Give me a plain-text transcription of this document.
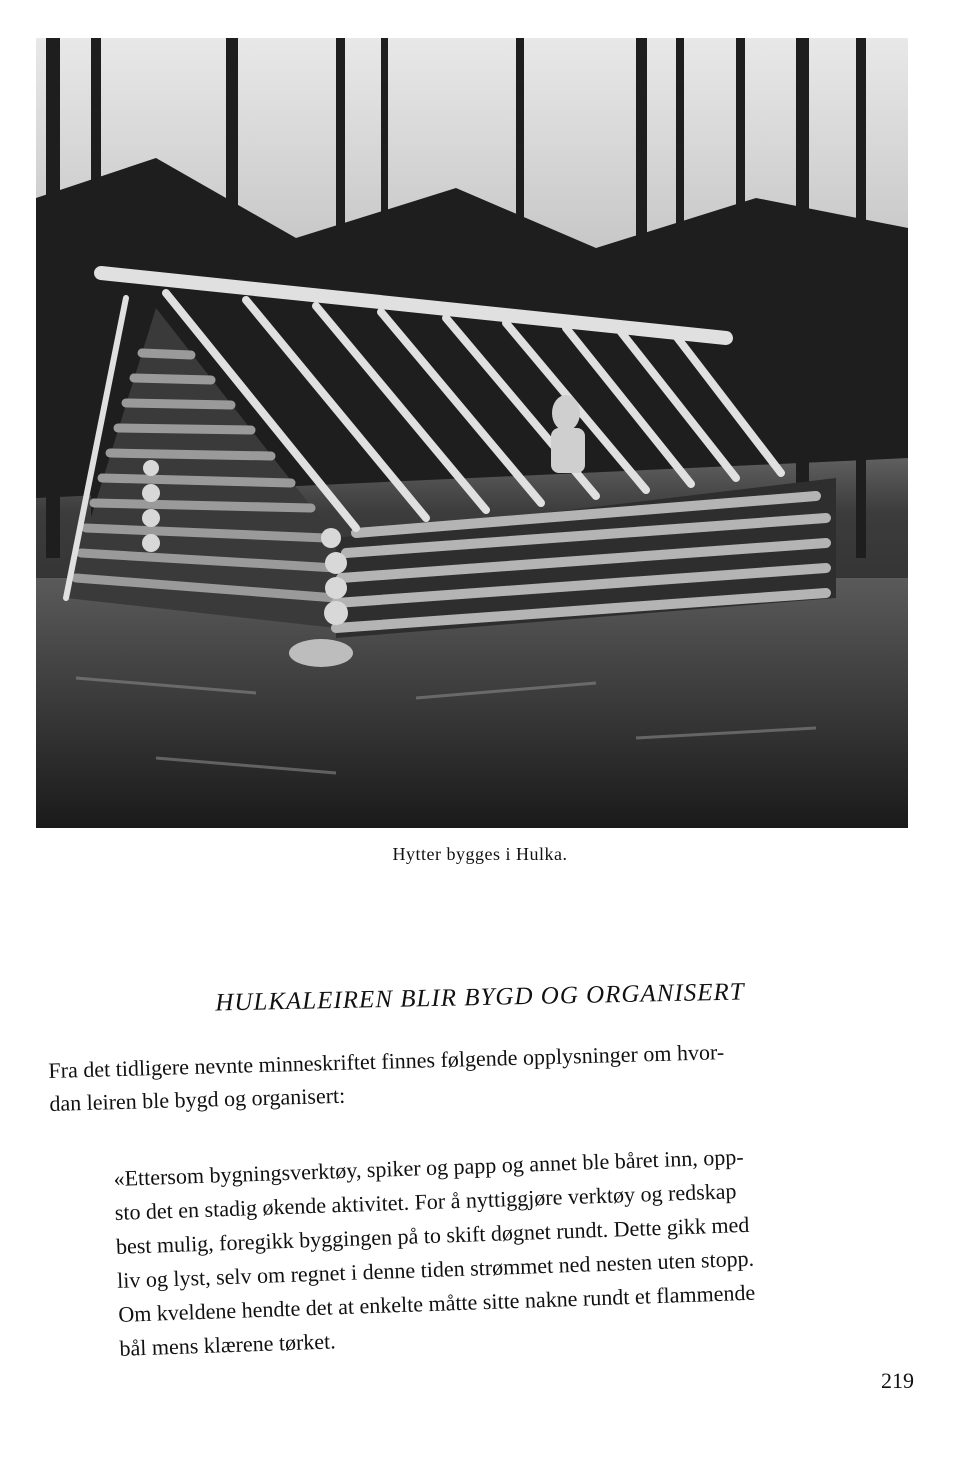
Hytter bygges i Hulka.
HULKALEIREN BLIR BYGD OG ORGANISERT
Fra det tidligere nevnte minneskriftet finnes følgende opplysninger om hvor-
dan leiren ble bygd og organisert:
«Ettersom bygningsverktøy, spiker og papp og annet ble båret inn, opp-
sto det en stadig økende aktivitet. For å nyttiggjøre verktøy og redskap
best mulig, foregikk byggingen på to skift døgnet rundt. Dette gikk med
liv og lyst, selv om regnet i denne tiden strømmet ned nesten uten stopp.
Om kveldene hendte det at enkelte måtte sitte nakne rundt et flammende
bål mens klærene tørket.
219
